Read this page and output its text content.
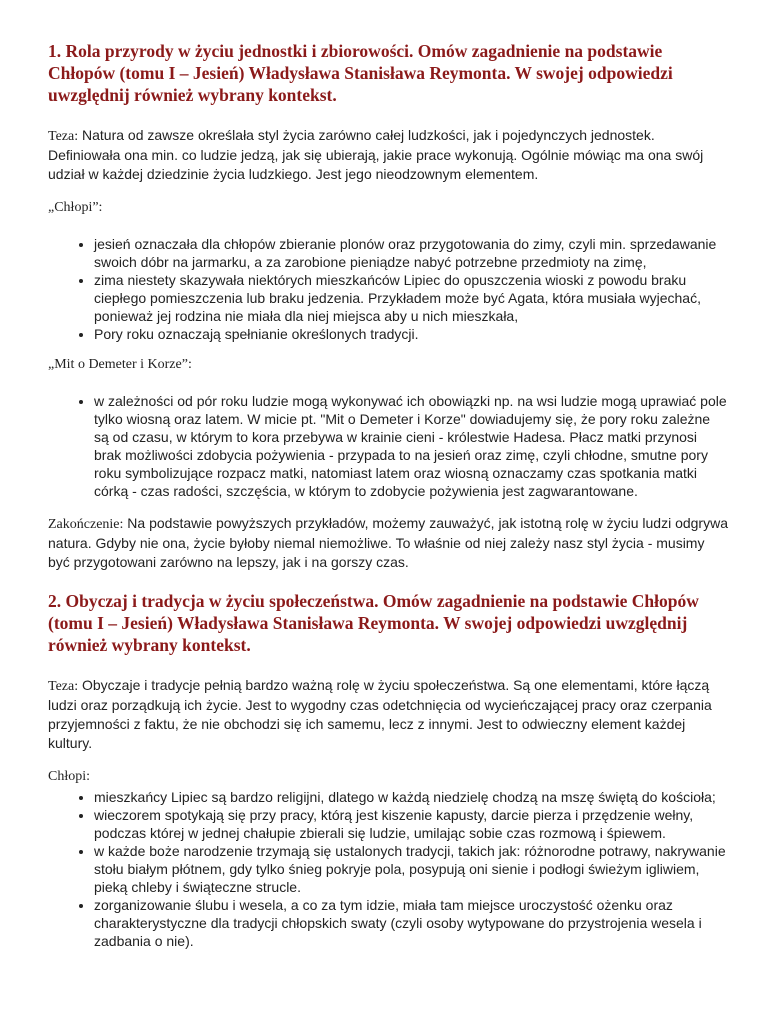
1. Rola przyrody w życiu jednostki i zbiorowości. Omów zagadnienie na podstawie Chłopów (tomu I – Jesień) Władysława Stanisława Reymonta. W swojej odpowiedzi uwzględnij również wybrany kontekst.

Teza: Natura od zawsze określała styl życia zarówno całej ludzkości, jak i pojedynczych jednostek. Definiowała ona min. co ludzie jedzą, jak się ubierają, jakie prace wykonują. Ogólnie mówiąc ma ona swój udział w każdej dziedzinie życia ludzkiego. Jest jego nieodzownym elementem.

„Chłopi”:

• jesień oznaczała dla chłopów zbieranie plonów oraz przygotowania do zimy, czyli min. sprzedawanie swoich dóbr na jarmarku, a za zarobione pieniądze nabyć potrzebne przedmioty na zimę,
• zima niestety skazywała niektórych mieszkańców Lipiec do opuszczenia wioski z powodu braku ciepłego pomieszczenia lub braku jedzenia. Przykładem może być Agata, która musiała wyjechać, ponieważ jej rodzina nie miała dla niej miejsca aby u nich mieszkała,
• Pory roku oznaczają spełnianie określonych tradycji.

„Mit o Demeter i Korze”:

• w zależności od pór roku ludzie mogą wykonywać ich obowiązki np. na wsi ludzie mogą uprawiać pole tylko wiosną oraz latem. W micie pt. "Mit o Demeter i Korze" dowiadujemy się, że pory roku zależne są od czasu, w którym to kora przebywa w krainie cieni - królestwie Hadesa. Płacz matki przynosi brak możliwości zdobycia pożywienia - przypada to na jesień oraz zimę, czyli chłodne, smutne pory roku symbolizujące rozpacz matki, natomiast latem oraz wiosną oznaczamy czas spotkania matki córką - czas radości, szczęścia, w którym to zdobycie pożywienia jest zagwarantowane.

Zakończenie: Na podstawie powyższych przykładów, możemy zauważyć, jak istotną rolę w życiu ludzi odgrywa natura. Gdyby nie ona, życie byłoby niemal niemożliwe. To właśnie od niej zależy nasz styl życia - musimy być przygotowani zarówno na lepszy, jak i na gorszy czas.

2. Obyczaj i tradycja w życiu społeczeństwa. Omów zagadnienie na podstawie Chłopów (tomu I – Jesień) Władysława Stanisława Reymonta. W swojej odpowiedzi uwzględnij również wybrany kontekst.

Teza: Obyczaje i tradycje pełnią bardzo ważną rolę w życiu społeczeństwa. Są one elementami, które łączą ludzi oraz porządkują ich życie. Jest to wygodny czas odetchnięcia od wycieńczającej pracy oraz czerpania przyjemności z faktu, że nie obchodzi się ich samemu, lecz z innymi. Jest to odwieczny element każdej kultury.

Chłopi:

• mieszkańcy Lipiec są bardzo religijni, dlatego w każdą niedzielę chodzą na mszę świętą do kościoła;
• wieczorem spotykają się przy pracy, którą jest kiszenie kapusty, darcie pierza i przędzenie wełny, podczas której w jednej chałupie zbierali się ludzie, umilając sobie czas rozmową i śpiewem.
• w każde boże narodzenie trzymają się ustalonych tradycji, takich jak: różnorodne potrawy, nakrywanie stołu białym płótnem, gdy tylko śnieg pokryje pola, posypują oni sienie i podłogi świeżym igliwiem, pieką chleby i świąteczne strucle.
• zorganizowanie ślubu i wesela, a co za tym idzie, miała tam miejsce uroczystość ożenku oraz charakterystyczne dla tradycji chłopskich swaty (czyli osoby wytypowane do przystrojenia wesela i zadbania o nie).
